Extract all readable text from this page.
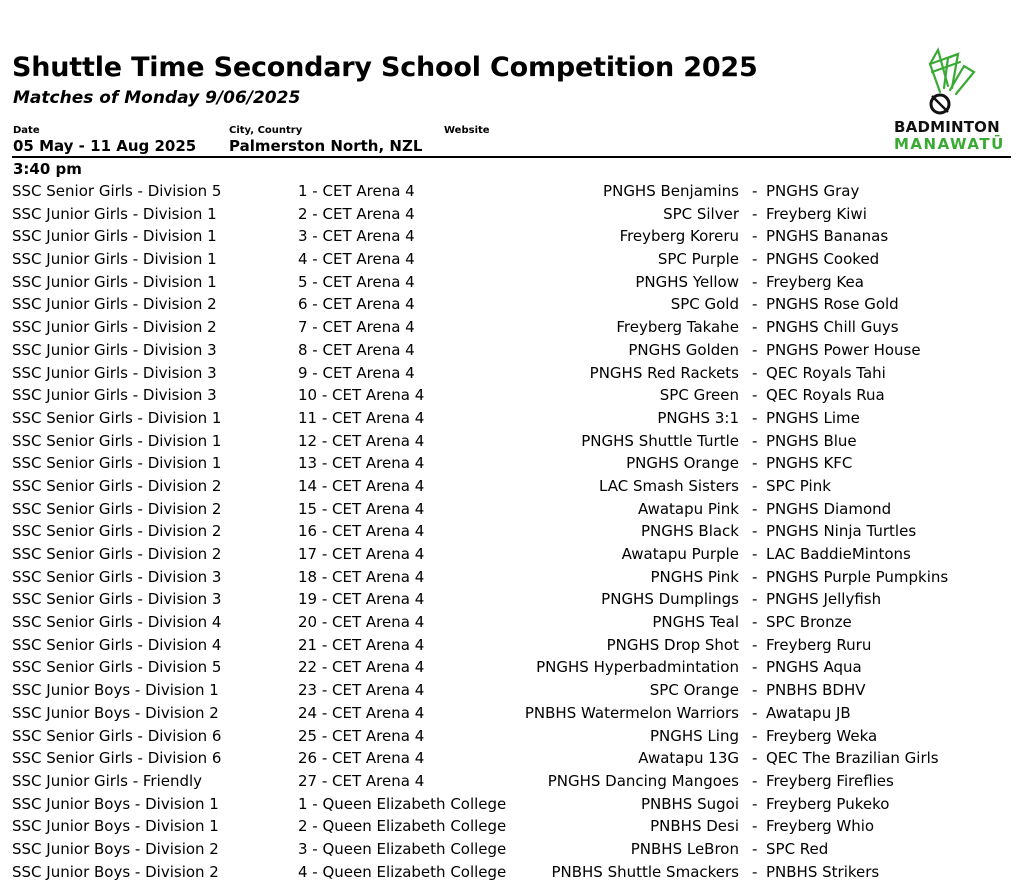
Shuttle Time Secondary School Competition 2025
Matches of Monday 9/06/2025
Date
05 May - 11 Aug 2025
City, Country
Palmerston North, NZL
Website	BADMINTON
MANAWATŪ
3:40 pm
SSC Senior Girls - Division 5	1 - CET Arena 4	PNGHS Benjamins - PNGHS Gray
SSC Junior Girls - Division 1	2 - CET Arena 4	SPC Silver - Freyberg Kiwi
SSC Junior Girls - Division 1	3 - CET Arena 4	Freyberg Koreru - PNGHS Bananas
SSC Junior Girls - Division 1	4 - CET Arena 4	SPC Purple - PNGHS Cooked
SSC Junior Girls - Division 1	5 - CET Arena 4	PNGHS Yellow - Freyberg Kea
SSC Junior Girls - Division 2	6 - CET Arena 4	SPC Gold - PNGHS Rose Gold
SSC Junior Girls - Division 2	7 - CET Arena 4	Freyberg Takahe - PNGHS Chill Guys
SSC Junior Girls - Division 3	8 - CET Arena 4	PNGHS Golden - PNGHS Power House
SSC Junior Girls - Division 3	9 - CET Arena 4	PNGHS Red Rackets - QEC Royals Tahi
SSC Junior Girls - Division 3	10 - CET Arena 4	SPC Green - QEC Royals Rua
SSC Senior Girls - Division 1	11 - CET Arena 4	PNGHS 3:1 - PNGHS Lime
SSC Senior Girls - Division 1	12 - CET Arena 4	PNGHS Shuttle Turtle - PNGHS Blue
SSC Senior Girls - Division 1	13 - CET Arena 4	PNGHS Orange - PNGHS KFC
SSC Senior Girls - Division 2	14 - CET Arena 4	LAC Smash Sisters - SPC Pink
SSC Senior Girls - Division 2	15 - CET Arena 4	Awatapu Pink - PNGHS Diamond
SSC Senior Girls - Division 2	16 - CET Arena 4	PNGHS Black - PNGHS Ninja Turtles
SSC Senior Girls - Division 2	17 - CET Arena 4	Awatapu Purple - LAC BaddieMintons
SSC Senior Girls - Division 3	18 - CET Arena 4	PNGHS Pink - PNGHS Purple Pumpkins
SSC Senior Girls - Division 3	19 - CET Arena 4	PNGHS Dumplings - PNGHS Jellyfish
SSC Senior Girls - Division 4	20 - CET Arena 4	PNGHS Teal - SPC Bronze
SSC Senior Girls - Division 4	21 - CET Arena 4	PNGHS Drop Shot - Freyberg Ruru
SSC Senior Girls - Division 5	22 - CET Arena 4	PNGHS Hyperbadmintation - PNGHS Aqua
SSC Junior Boys - Division 1	23 - CET Arena 4	SPC Orange - PNBHS BDHV
SSC Junior Boys - Division 2	24 - CET Arena 4	PNBHS Watermelon Warriors - Awatapu JB
SSC Senior Girls - Division 6	25 - CET Arena 4	PNGHS Ling - Freyberg Weka
SSC Senior Girls - Division 6	26 - CET Arena 4	Awatapu 13G - QEC The Brazilian Girls
SSC Junior Girls - Friendly	27 - CET Arena 4	PNGHS Dancing Mangoes - Freyberg Fireflies
SSC Junior Boys - Division 1	1 - Queen Elizabeth College	PNBHS Sugoi - Freyberg Pukeko
SSC Junior Boys - Division 1	2 - Queen Elizabeth College	PNBHS Desi - Freyberg Whio
SSC Junior Boys - Division 2	3 - Queen Elizabeth College	PNBHS LeBron - SPC Red
SSC Junior Boys - Division 2	4 - Queen Elizabeth College	PNBHS Shuttle Smackers - PNBHS Strikers
